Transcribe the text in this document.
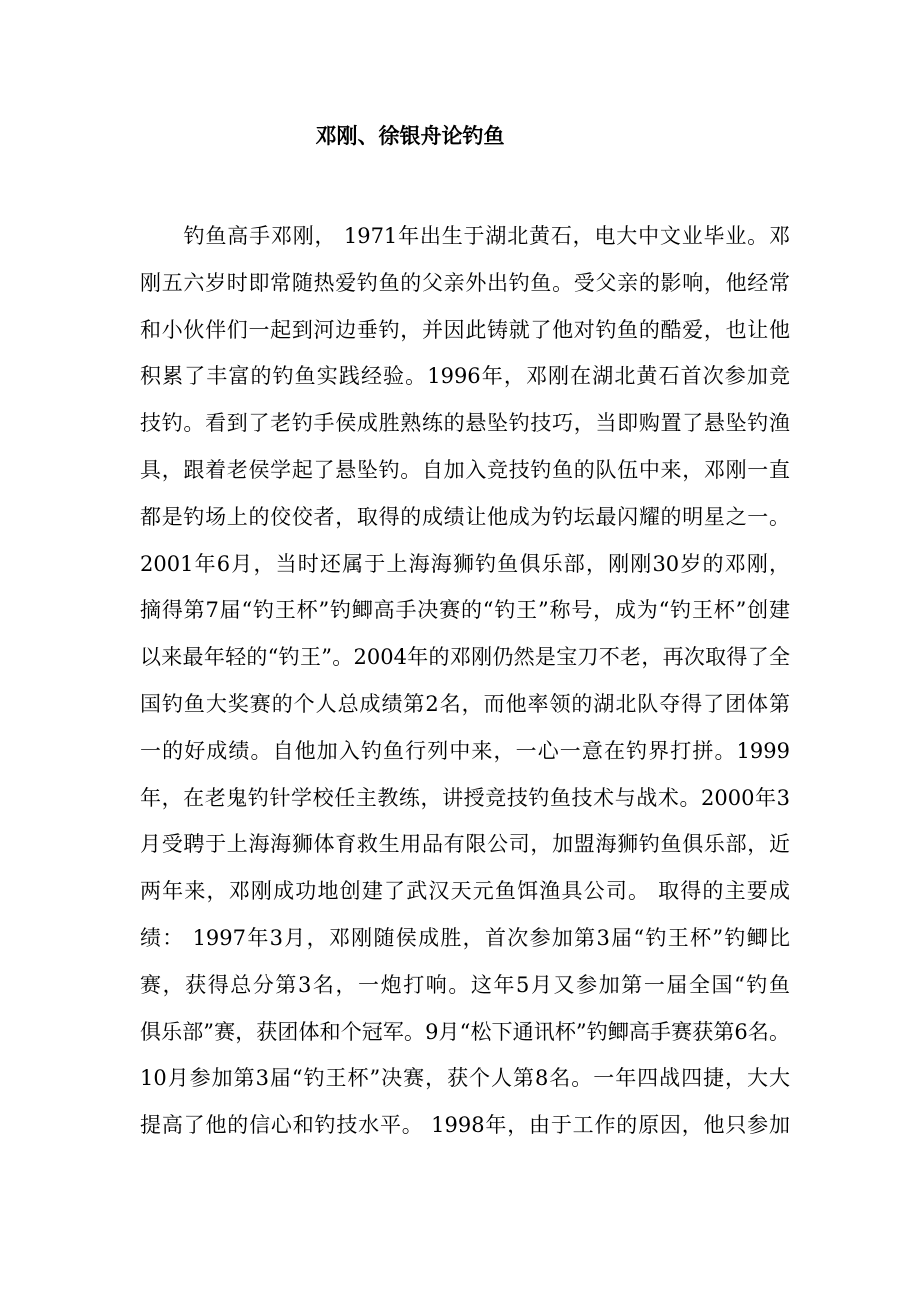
邓刚、徐银舟论钓鱼
　　钓鱼高手邓刚， 1971年出生于湖北黄石，电大中文业毕业。邓
刚五六岁时即常随热爱钓鱼的父亲外出钓鱼。受父亲的影响，他经常
和小伙伴们一起到河边垂钓，并因此铸就了他对钓鱼的酷爱，也让他
积累了丰富的钓鱼实践经验。1996年，邓刚在湖北黄石首次参加竞
技钓。看到了老钓手侯成胜熟练的悬坠钓技巧，当即购置了悬坠钓渔
具，跟着老侯学起了悬坠钓。自加入竞技钓鱼的队伍中来，邓刚一直
都是钓场上的佼佼者，取得的成绩让他成为钓坛最闪耀的明星之一。
2001年6月，当时还属于上海海狮钓鱼俱乐部，刚刚30岁的邓刚，
摘得第7届“钓王杯”钓鲫高手决赛的“钓王”称号，成为“钓王杯”创建
以来最年轻的“钓王”。2004年的邓刚仍然是宝刀不老，再次取得了全
国钓鱼大奖赛的个人总成绩第2名，而他率领的湖北队夺得了团体第
一的好成绩。自他加入钓鱼行列中来，一心一意在钓界打拼。1999
年，在老鬼钓针学校任主教练，讲授竞技钓鱼技术与战术。2000年3
月受聘于上海海狮体育救生用品有限公司，加盟海狮钓鱼俱乐部，近
两年来，邓刚成功地创建了武汉天元鱼饵渔具公司。 取得的主要成
绩： 1997年3月，邓刚随侯成胜，首次参加第3届“钓王杯”钓鲫比
赛，获得总分第3名，一炮打响。这年5月又参加第一届全国“钓鱼
俱乐部”赛，获团体和个冠军。9月“松下通讯杯”钓鲫高手赛获第6名。
10月参加第3届“钓王杯”决赛，获个人第8名。一年四战四捷，大大
提高了他的信心和钓技水平。 1998年，由于工作的原因，他只参加
